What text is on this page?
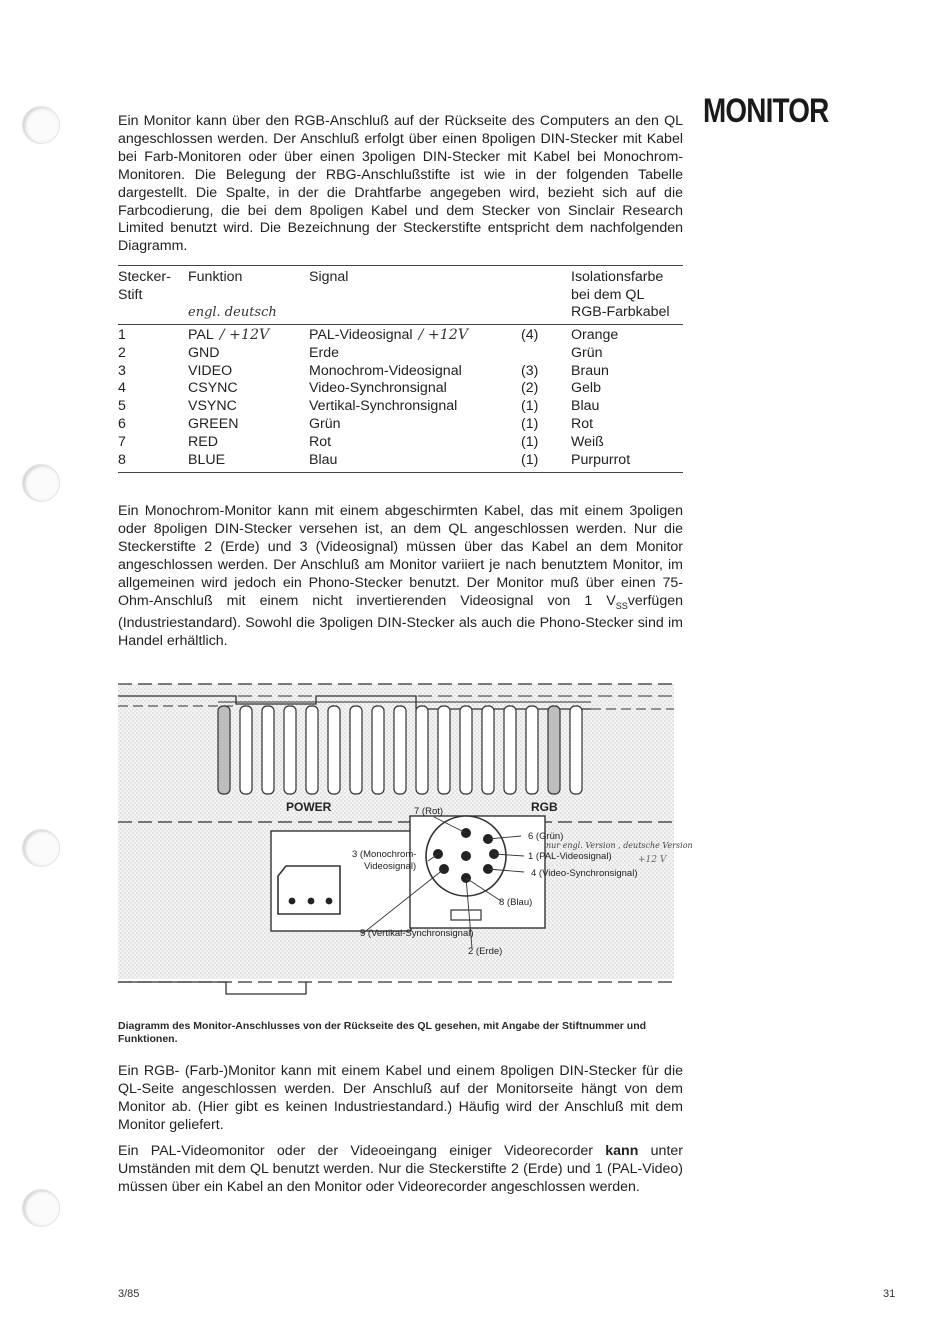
MONITOR

Ein Monitor kann über den RGB-Anschluß auf der Rückseite des Computers an den QL angeschlossen werden. Der Anschluß erfolgt über einen 8poligen DIN-Stecker mit Kabel bei Farb-Monitoren oder über einen 3poligen DIN-Stecker mit Kabel bei Monochrom-Monitoren. Die Belegung der RBG-Anschlußstifte ist wie in der folgenden Tabelle dargestellt. Die Spalte, in der die Drahtfarbe angegeben wird, bezieht sich auf die Farbcodierung, die bei dem 8poligen Kabel und dem Stecker von Sinclair Research Limited benutzt wird. Die Bezeichnung der Steckerstifte entspricht dem nachfolgenden Diagramm.

Stecker-
Stift	Funktion	Signal		Isolationsfarbe
bei dem QL
RGB-Farbkabel
	engl. deutsch			
1	PAL / +12V	PAL-Videosignal / +12V	(4)	Orange
2	GND	Erde		Grün
3	VIDEO	Monochrom-Videosignal	(3)	Braun
4	CSYNC	Video-Synchronsignal	(2)	Gelb
5	VSYNC	Vertikal-Synchronsignal	(1)	Blau
6	GREEN	Grün	(1)	Rot
7	RED	Rot	(1)	Weiß
8	BLUE	Blau	(1)	Purpurrot

Ein Monochrom-Monitor kann mit einem abgeschirmten Kabel, das mit einem 3poligen oder 8poligen DIN-Stecker versehen ist, an dem QL angeschlossen werden. Nur die Steckerstifte 2 (Erde) und 3 (Videosignal) müssen über das Kabel an dem Monitor angeschlossen werden. Der Anschluß am Monitor variiert je nach benutztem Monitor, im allgemeinen wird jedoch ein Phono-Stecker benutzt. Der Monitor muß über einen 75-Ohm-Anschluß mit einem nicht invertierenden Videosignal von 1 $V_{SS}verfügen$ (Industriestandard). Sowohl die 3poligen DIN-Stecker als auch die Phono-Stecker sind im Handel erhältlich.

POWER	RGB
7 (Rot)
6 (Grün)
1 (PAL-Videosignal)
4 (Video-Synchronsignal)
8 (Blau)
3 (Monochrom-
Videosignal)
5 (Vertikal-Synchronsignal)
2 (Erde)
nur engl. Version , deutsche Version
+12 V

Diagramm des Monitor-Anschlusses von der Rückseite des QL gesehen, mit Angabe der Stiftnummer und Funktionen.

Ein RGB- (Farb-)Monitor kann mit einem Kabel und einem 8poligen DIN-Stecker für die QL-Seite angeschlossen werden. Der Anschluß auf der Monitorseite hängt von dem Monitor ab. (Hier gibt es keinen Industriestandard.) Häufig wird der Anschluß mit dem Monitor geliefert.

Ein PAL-Videomonitor oder der Videoeingang einiger Videorecorder kann unter Umständen mit dem QL benutzt werden. Nur die Steckerstifte 2 (Erde) und 1 (PAL-Video) müssen über ein Kabel an den Monitor oder Videorecorder angeschlossen werden.

3/85	31
